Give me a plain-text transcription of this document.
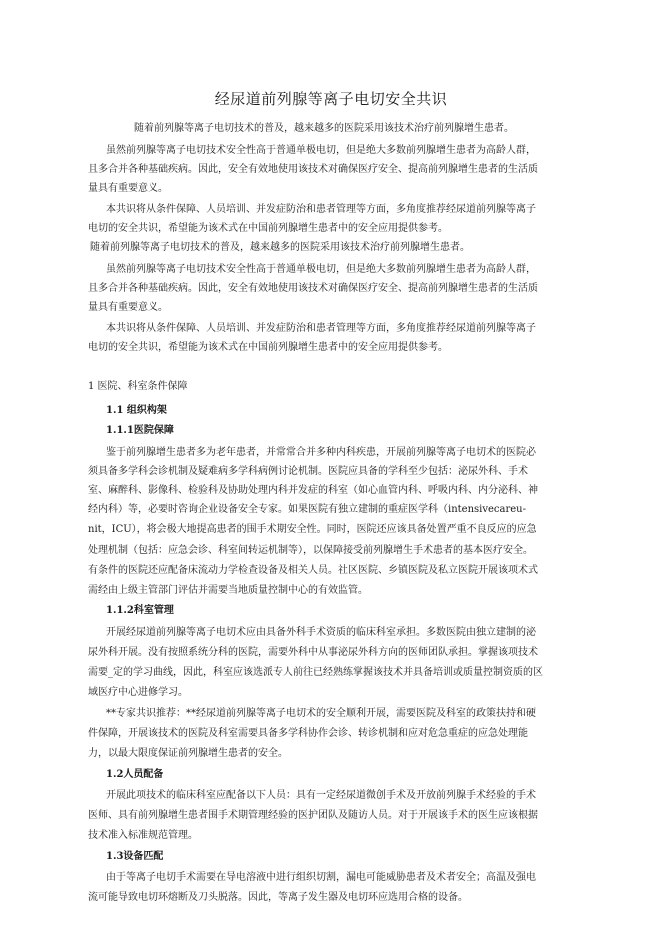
经尿道前列腺等离子电切安全共识
随着前列腺等离子电切技术的普及，越来越多的医院采用该技术治疗前列腺增生患者。
虽然前列腺等离子电切技术安全性高于普通单极电切，但是绝大多数前列腺增生患者为高龄人群，
且多合并各种基础疾病。因此，安全有效地使用该技术对确保医疗安全、提高前列腺增生患者的生活质
量具有重要意义。
本共识将从条件保障、人员培训、并发症防治和患者管理等方面，多角度推荐经尿道前列腺等离子
电切的安全共识，希望能为该术式在中国前列腺增生患者中的安全应用提供参考。
随着前列腺等离子电切技术的普及，越来越多的医院采用该技术治疗前列腺增生患者。
虽然前列腺等离子电切技术安全性高于普通单极电切，但是绝大多数前列腺增生患者为高龄人群，
且多合并各种基础疾病。因此，安全有效地使用该技术对确保医疗安全、提高前列腺增生患者的生活质
量具有重要意义。
本共识将从条件保障、人员培训、并发症防治和患者管理等方面，多角度推荐经尿道前列腺等离子
电切的安全共识，希望能为该术式在中国前列腺增生患者中的安全应用提供参考。
1 医院、科室条件保障
1.1 组织构架
1.1.1医院保障
鉴于前列腺增生患者多为老年患者，并常常合并多种内科疾患，开展前列腺等离子电切术的医院必
须具备多学科会诊机制及疑难病多学科病例讨论机制。医院应具备的学科至少包括：泌尿外科、手术
室、麻醉科、影像科、检验科及协助处理内科并发症的科室（如心血管内科、呼吸内科、内分泌科、神
经内科）等，必要时咨询企业设备安全专家。如果医院有独立建制的重症医学科（intensivecareu-
nit，ICU），将会极大地提高患者的围手术期安全性。同时，医院还应该具备处置严重不良反应的应急
处理机制（包括：应急会诊、科室间转运机制等），以保障接受前列腺增生手术患者的基本医疗安全。
有条件的医院还应配备床流动力学检查设备及相关人员。社区医院、乡镇医院及私立医院开展该项术式
需经由上级主管部门评估并需要当地质量控制中心的有效监管。
1.1.2科室管理
开展经尿道前列腺等离子电切术应由具备外科手术资质的临床科室承担。多数医院由独立建制的泌
尿外科开展。没有按照系统分科的医院，需要外科中从事泌尿外科方向的医师团队承担。掌握该项技术
需要_定的学习曲线，因此，科室应该选派专人前往已经熟练掌握该技术并具备培训或质量控制资质的区
域医疗中心进修学习。
**专家共识推荐：**经尿道前列腺等离子电切术的安全顺利开展，需要医院及科室的政策扶持和硬
件保障，开展该技术的医院及科室需要具备多学科协作会诊、转诊机制和应对危急重症的应急处理能
力，以最大限度保证前列腺增生患者的安全。
1.2人员配备
开展此项技术的临床科室应配备以下人员：具有一定经尿道微创手术及开放前列腺手术经验的手术
医师、具有前列腺增生患者围手术期管理经验的医护团队及随访人员。对于开展该手术的医生应该根据
技术准入标准规范管理。
1.3设备匹配
由于等离子电切手术需要在导电溶液中进行组织切割，漏电可能威胁患者及术者安全；高温及强电
流可能导致电切环熔断及刀头脱落。因此，等离子发生器及电切环应选用合格的设备。
